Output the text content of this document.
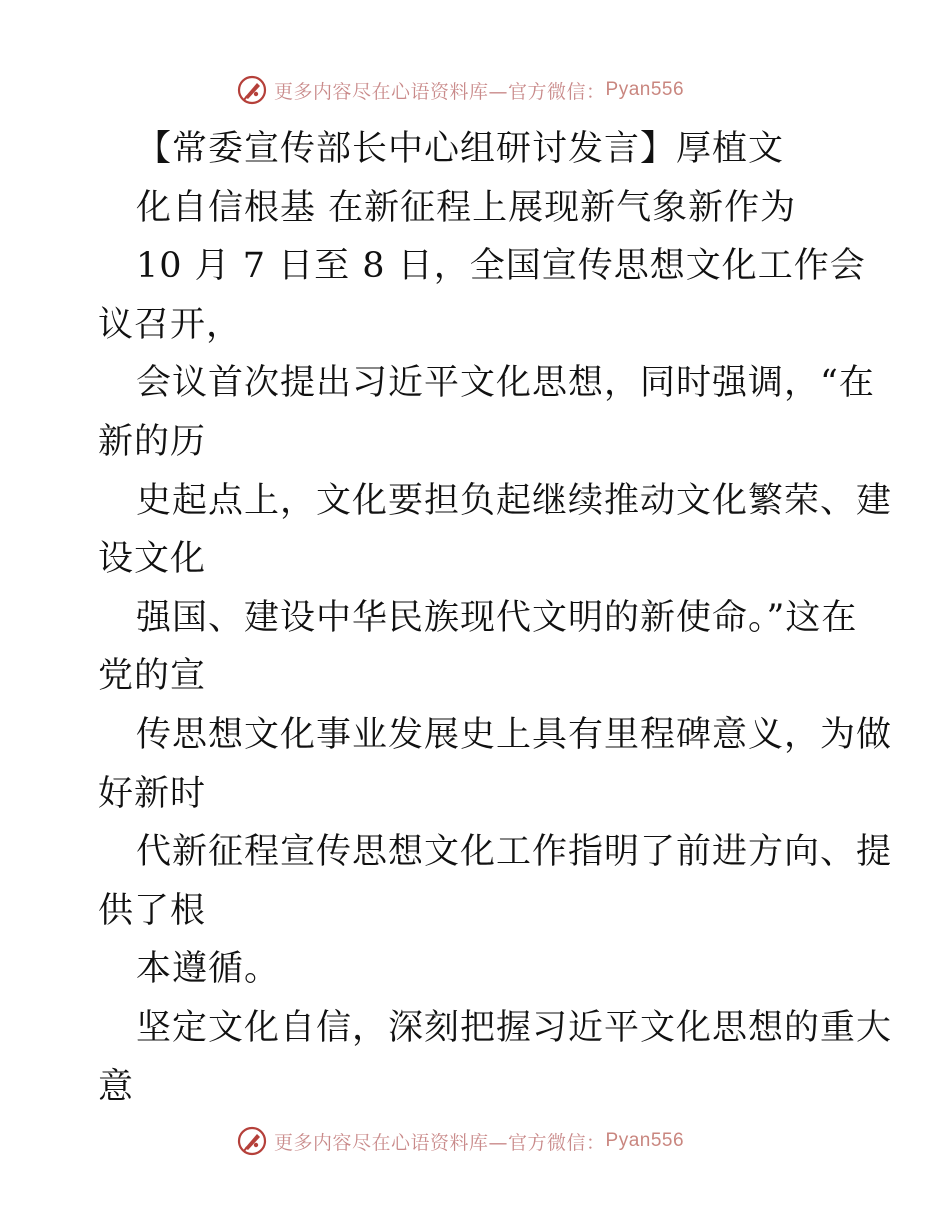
更多内容尽在心语资料库—官方微信： Pyan556
【常委宣传部长中心组研讨发言】厚植文
化自信根基 在新征程上展现新气象新作为
10 月 7 日至 8 日，全国宣传思想文化工作会
议召开，
会议首次提出习近平文化思想，同时强调，“在
新的历
史起点上，文化要担负起继续推动文化繁荣、建
设文化
强国、建设中华民族现代文明的新使命。”这在
党的宣
传思想文化事业发展史上具有里程碑意义，为做
好新时
代新征程宣传思想文化工作指明了前进方向、提
供了根
本遵循。
坚定文化自信，深刻把握习近平文化思想的重大
意
更多内容尽在心语资料库—官方微信： Pyan556
